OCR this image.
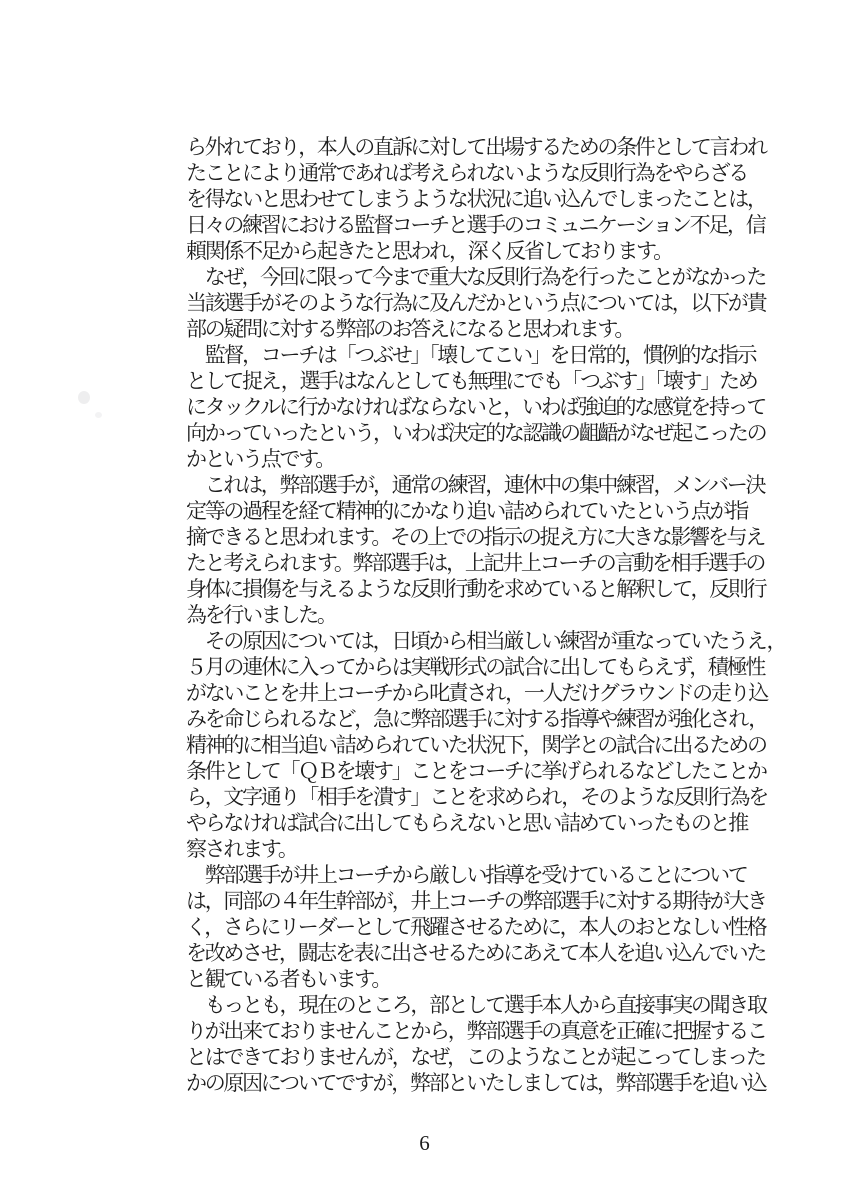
ら外れており，本人の直訴に対して出場するための条件として言われ
たことにより通常であれば考えられないような反則行為をやらざる
を得ないと思わせてしまうような状況に追い込んでしまったことは，
日々の練習における監督コーチと選手のコミュニケーション不足，信
頼関係不足から起きたと思われ，深く反省しております。
　なぜ，今回に限って今まで重大な反則行為を行ったことがなかった
当該選手がそのような行為に及んだかという点については，以下が貴
部の疑問に対する弊部のお答えになると思われます。
　監督，コーチは「つぶせ」「壊してこい」を日常的，慣例的な指示
として捉え，選手はなんとしても無理にでも「つぶす」「壊す」ため
にタックルに行かなければならないと，いわば強迫的な感覚を持って
向かっていったという，いわば決定的な認識の齟齬がなぜ起こったの
かという点です。
　これは，弊部選手が，通常の練習，連休中の集中練習，メンバー決
定等の過程を経て精神的にかなり追い詰められていたという点が指
摘できると思われます。その上での指示の捉え方に大きな影響を与え
たと考えられます。弊部選手は，上記井上コーチの言動を相手選手の
身体に損傷を与えるような反則行動を求めていると解釈して，反則行
為を行いました。
　その原因については，日頃から相当厳しい練習が重なっていたうえ，
５月の連休に入ってからは実戦形式の試合に出してもらえず，積極性
がないことを井上コーチから叱責され，一人だけグラウンドの走り込
みを命じられるなど，急に弊部選手に対する指導や練習が強化され，
精神的に相当追い詰められていた状況下，関学との試合に出るための
条件として「ＱＢを壊す」ことをコーチに挙げられるなどしたことか
ら，文字通り「相手を潰す」ことを求められ，そのような反則行為を
やらなければ試合に出してもらえないと思い詰めていったものと推
察されます。
　弊部選手が井上コーチから厳しい指導を受けていることについて
は，同部の４年生幹部が，井上コーチの弊部選手に対する期待が大き
く，さらにリーダーとして飛躍させるために，本人のおとなしい性格
を改めさせ，闘志を表に出させるためにあえて本人を追い込んでいた
と観ている者もいます。
　もっとも，現在のところ，部として選手本人から直接事実の聞き取
りが出来ておりませんことから，弊部選手の真意を正確に把握するこ
とはできておりませんが，なぜ，このようなことが起こってしまった
かの原因についてですが，弊部といたしましては，弊部選手を追い込
6
